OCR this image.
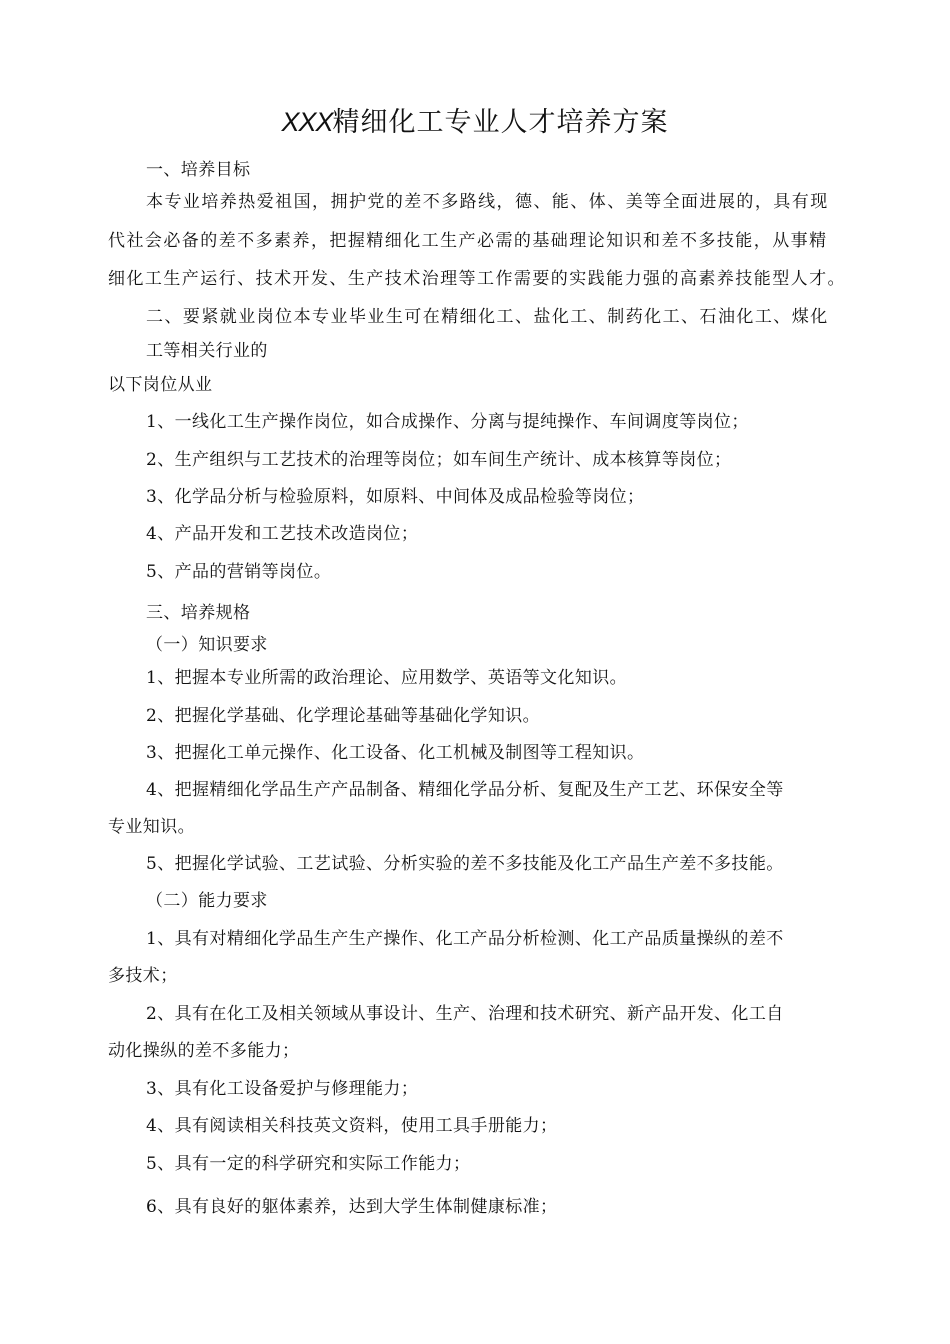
XXX精细化工专业人才培养方案
一、培养目标
本专业培养热爱祖国，拥护党的差不多路线，德、能、体、美等全面进展的，具有现
代社会必备的差不多素养，把握精细化工生产必需的基础理论知识和差不多技能，从事精
细化工生产运行、技术开发、生产技术治理等工作需要的实践能力强的高素养技能型人才。
二、要紧就业岗位本专业毕业生可在精细化工、盐化工、制药化工、石油化工、煤化
工等相关行业的
以下岗位从业
1、一线化工生产操作岗位，如合成操作、分离与提纯操作、车间调度等岗位；
2、生产组织与工艺技术的治理等岗位；如车间生产统计、成本核算等岗位；
3、化学品分析与检验原料，如原料、中间体及成品检验等岗位；
4、产品开发和工艺技术改造岗位；
5、产品的营销等岗位。
三、培养规格
（一）知识要求
1、把握本专业所需的政治理论、应用数学、英语等文化知识。
2、把握化学基础、化学理论基础等基础化学知识。
3、把握化工单元操作、化工设备、化工机械及制图等工程知识。
4、把握精细化学品生产产品制备、精细化学品分析、复配及生产工艺、环保安全等
专业知识。
5、把握化学试验、工艺试验、分析实验的差不多技能及化工产品生产差不多技能。
（二）能力要求
1、具有对精细化学品生产生产操作、化工产品分析检测、化工产品质量操纵的差不
多技术；
2、具有在化工及相关领域从事设计、生产、治理和技术研究、新产品开发、化工自
动化操纵的差不多能力；
3、具有化工设备爱护与修理能力；
4、具有阅读相关科技英文资料，使用工具手册能力；
5、具有一定的科学研究和实际工作能力；
6、具有良好的躯体素养，达到大学生体制健康标准；
